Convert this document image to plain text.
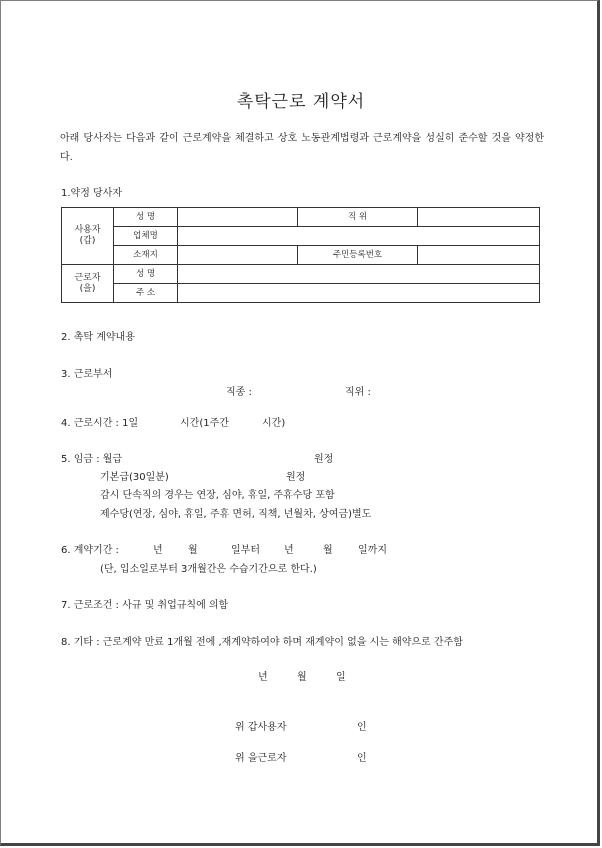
촉탁근로 계약서
아래 당사자는 다음과 같이 근로계약을 체결하고 상호 노동관계법령과 근로계약을 성실히 준수할 것을 약정한다.
1.약정 당사자
사용자
(갑)	성 명		직 위	
	업체명			
	소재지		주민등록번호	
근로자
(을)	성 명			
	주 소			
2. 촉탁 계약내용
3. 근로부서
직종 :	직위 :
4. 근로시간 : 1일	시간(1주간	시간)
5. 임금 : 월급	원정
기본급(30일분)	원정
감시 단속직의 경우는 연장, 심야, 휴일, 주휴수당 포함
제수당(연장, 심야, 휴일, 주휴 면허, 직책, 년월차, 상여금)별도
6. 계약기간 :	년	월	일부터 년	월	일까지
(단, 입소일로부터 3개월간은 수습기간으로 한다.)
7. 근로조건 : 사규 및 취업규칙에 의함
8. 기타 : 근로계약 만료 1개월 전에 ,재계약하여야 하며 재계약이 없을 시는 해약으로 간주함
년	월	일
위 갑사용자	인
위 을근로자	인
